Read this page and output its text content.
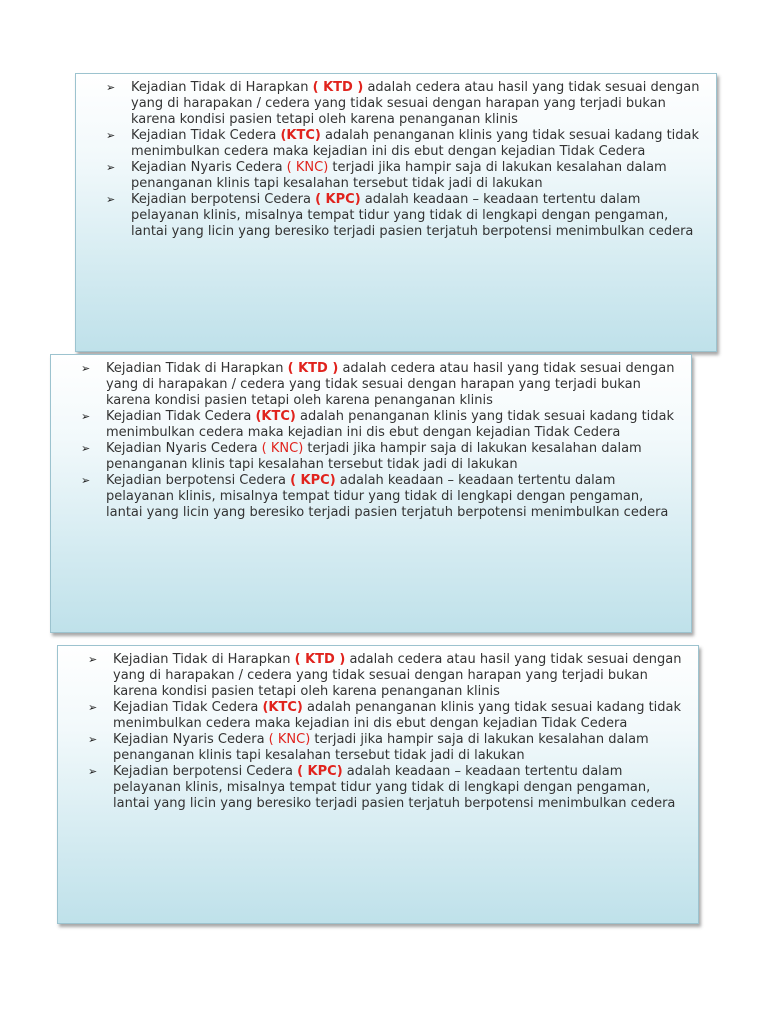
➢ Kejadian Tidak di Harapkan ( KTD ) adalah cedera atau hasil yang tidak sesuai dengan yang di harapakan / cedera yang tidak sesuai dengan harapan yang terjadi bukan karena kondisi pasien tetapi oleh karena penanganan klinis
➢ Kejadian Tidak Cedera (KTC) adalah penanganan klinis yang tidak sesuai kadang tidak menimbulkan cedera maka kejadian ini dis ebut dengan kejadian Tidak Cedera
➢ Kejadian Nyaris Cedera ( KNC) terjadi jika hampir saja di lakukan kesalahan dalam penanganan klinis tapi kesalahan tersebut tidak jadi di lakukan
➢ Kejadian berpotensi Cedera ( KPC) adalah keadaan – keadaan tertentu dalam pelayanan klinis, misalnya tempat tidur yang tidak di lengkapi dengan pengaman, lantai yang licin yang beresiko terjadi pasien terjatuh berpotensi menimbulkan cedera
➢ Kejadian Tidak di Harapkan ( KTD ) adalah cedera atau hasil yang tidak sesuai dengan yang di harapakan / cedera yang tidak sesuai dengan harapan yang terjadi bukan karena kondisi pasien tetapi oleh karena penanganan klinis
➢ Kejadian Tidak Cedera (KTC) adalah penanganan klinis yang tidak sesuai kadang tidak menimbulkan cedera maka kejadian ini dis ebut dengan kejadian Tidak Cedera
➢ Kejadian Nyaris Cedera ( KNC) terjadi jika hampir saja di lakukan kesalahan dalam penanganan klinis tapi kesalahan tersebut tidak jadi di lakukan
➢ Kejadian berpotensi Cedera ( KPC) adalah keadaan – keadaan tertentu dalam pelayanan klinis, misalnya tempat tidur yang tidak di lengkapi dengan pengaman, lantai yang licin yang beresiko terjadi pasien terjatuh berpotensi menimbulkan cedera
➢ Kejadian Tidak di Harapkan ( KTD ) adalah cedera atau hasil yang tidak sesuai dengan yang di harapakan / cedera yang tidak sesuai dengan harapan yang terjadi bukan karena kondisi pasien tetapi oleh karena penanganan klinis
➢ Kejadian Tidak Cedera (KTC) adalah penanganan klinis yang tidak sesuai kadang tidak menimbulkan cedera maka kejadian ini dis ebut dengan kejadian Tidak Cedera
➢ Kejadian Nyaris Cedera ( KNC) terjadi jika hampir saja di lakukan kesalahan dalam penanganan klinis tapi kesalahan tersebut tidak jadi di lakukan
➢ Kejadian berpotensi Cedera ( KPC) adalah keadaan – keadaan tertentu dalam pelayanan klinis, misalnya tempat tidur yang tidak di lengkapi dengan pengaman, lantai yang licin yang beresiko terjadi pasien terjatuh berpotensi menimbulkan cedera
